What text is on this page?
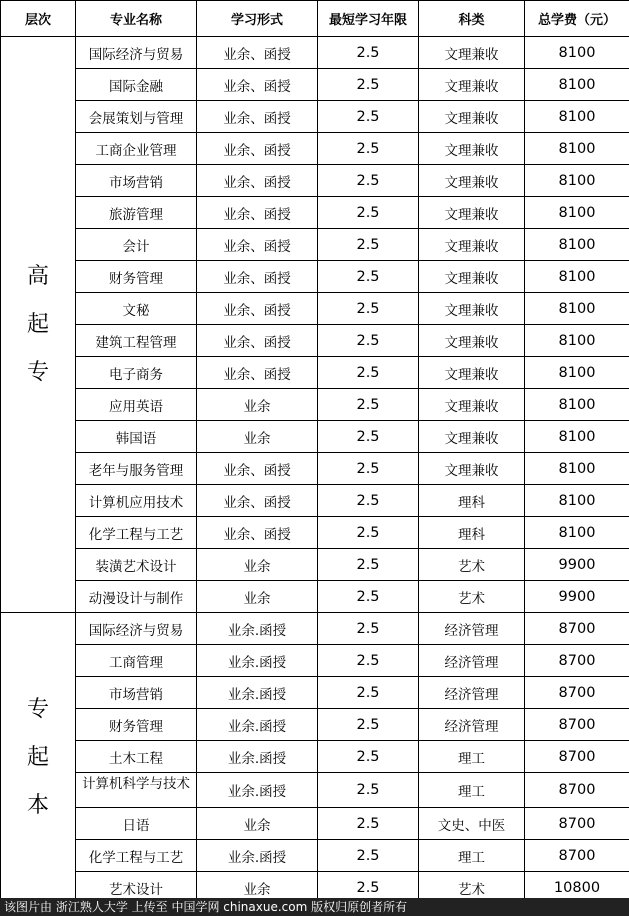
层次	专业名称	学习形式	最短学习年限	科类	总学费（元）

高
起
专	国际经济与贸易	业余、函授	2.5	文理兼收	8100
	国际金融	业余、函授	2.5	文理兼收	8100
	会展策划与管理	业余、函授	2.5	文理兼收	8100
	工商企业管理	业余、函授	2.5	文理兼收	8100
	市场营销	业余、函授	2.5	文理兼收	8100
	旅游管理	业余、函授	2.5	文理兼收	8100
	会计	业余、函授	2.5	文理兼收	8100
	财务管理	业余、函授	2.5	文理兼收	8100
	文秘	业余、函授	2.5	文理兼收	8100
	建筑工程管理	业余、函授	2.5	文理兼收	8100
	电子商务	业余、函授	2.5	文理兼收	8100
	应用英语	业余	2.5	文理兼收	8100
	韩国语	业余	2.5	文理兼收	8100
	老年与服务管理	业余、函授	2.5	文理兼收	8100
	计算机应用技术	业余、函授	2.5	理科	8100
	化学工程与工艺	业余、函授	2.5	理科	8100
	装潢艺术设计	业余	2.5	艺术	9900
	动漫设计与制作	业余	2.5	艺术	9900

专
起
本	国际经济与贸易	业余.函授	2.5	经济管理	8700
	工商管理	业余.函授	2.5	经济管理	8700
	市场营销	业余.函授	2.5	经济管理	8700
	财务管理	业余.函授	2.5	经济管理	8700
	土木工程	业余.函授	2.5	理工	8700
	计算机科学与技术	业余.函授	2.5	理工	8700
	日语	业余	2.5	文史、中医	8700
	化学工程与工艺	业余.函授	2.5	理工	8700
	艺术设计	业余	2.5	艺术	10800
该图片由 浙江熟人大学 上传至 中国学网 chinaxue.com 版权归原创者所有
